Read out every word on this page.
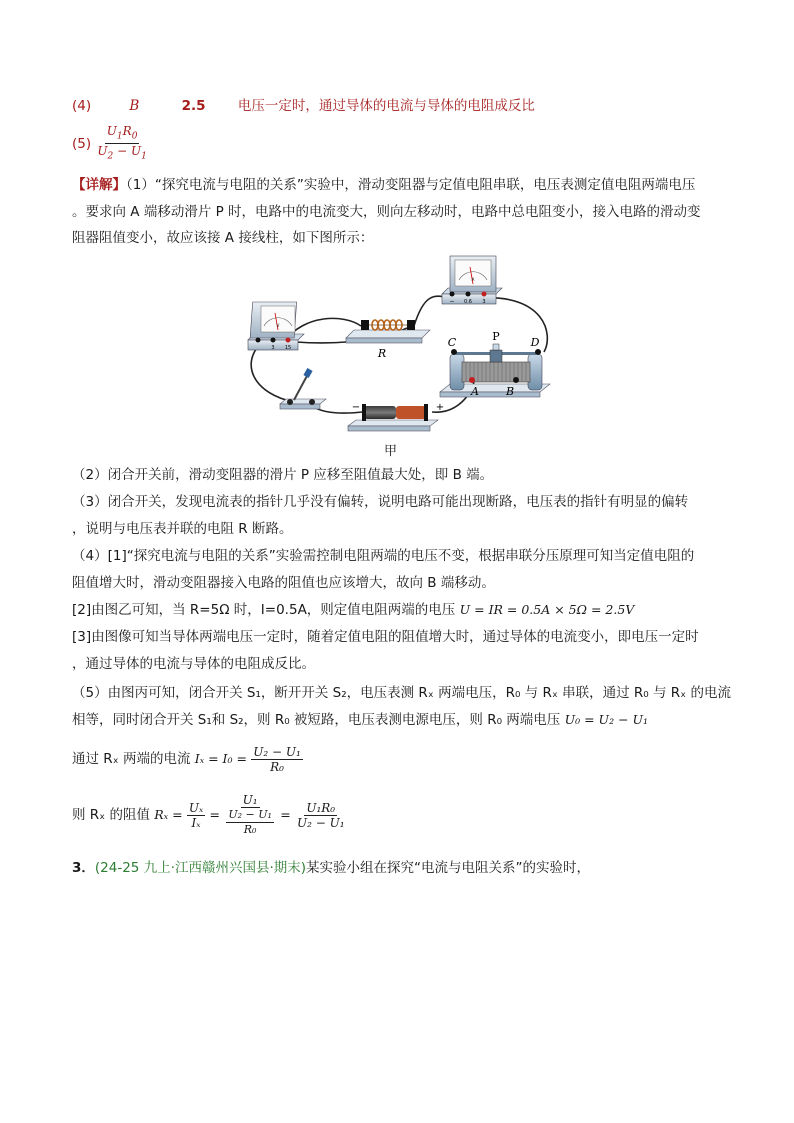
(4)	B	2.5 电压一定时，通过导体的电流与导体的电阻成反比
$(5) \frac{U_1R_0}{U_2 - U_1}$
【详解】（1）“探究电流与电阻的关系”实验中，滑动变阻器与定值电阻串联，电压表测定值电阻两端电压
。要求向 A 端移动滑片 P 时，电路中的电流变大，则向左移动时，电路中总电阻变小，接入电路的滑动变
阻器阻值变小，故应该接 A 接线柱，如下图所示：
V
3 15	R
A
− 0.6 3
C	P	D
A B
−	+
甲
（2）闭合开关前，滑动变阻器的滑片 P 应移至阻值最大处，即 B 端。
（3）闭合开关，发现电流表的指针几乎没有偏转，说明电路可能出现断路，电压表的指针有明显的偏转
，说明与电压表并联的电阻 R 断路。
（4）[1]“探究电流与电阻的关系”实验需控制电阻两端的电压不变，根据串联分压原理可知当定值电阻的
阻值增大时，滑动变阻器接入电路的阻值也应该增大，故向 B 端移动。
[2]由图乙可知，当 R=5Ω 时，I=0.5A，则定值电阻两端的电压 U = IR = 0.5A × 5Ω = 2.5V
[3]由图像可知当导体两端电压一定时，随着定值电阻的阻值增大时，通过导体的电流变小，即电压一定时
，通过导体的电流与导体的电阻成反比。
（5）由图丙可知，闭合开关 S₁，断开开关 S₂，电压表测 Rₓ 两端电压，R₀ 与 Rₓ 串联，通过 R₀ 与 Rₓ 的电流
相等，同时闭合开关 S₁和 S₂，则 R₀ 被短路，电压表测电源电压，则 R₀ 两端电压 U₀ = U₂ − U₁
通过 Rₓ 两端的电流 $I_x = I_0 = \frac{\text{U₂ − U₁}}{\text{R₀}}$
则 Rₓ 的阻值 $R_x = \frac{\text{Uₓ}}{\text{Iₓ}} = \frac{\text{U₁}}{\frac{\text{U₂ − U₁}}{\text{R₀}}} = \frac{\text{U₁R₀}}{\text{U₂ − U₁}}$
3．(24-25 九上·江西赣州兴国县·期末)某实验小组在探究“电流与电阻关系”的实验时，
